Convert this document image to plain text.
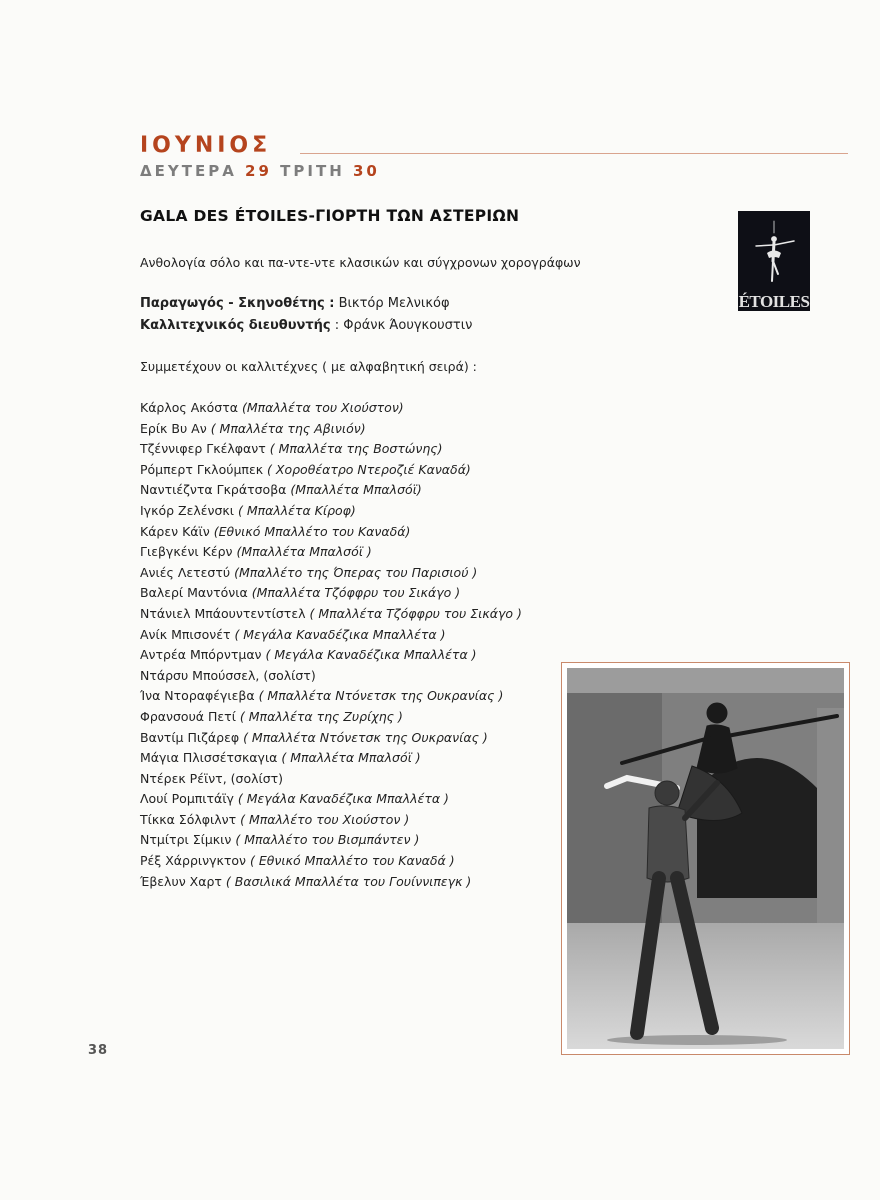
ΙΟΥΝΙΟΣ
ΔΕΥΤΕΡΑ 29 ΤΡΙΤΗ 30
GALA DES ÉTOILES-ΓΙΟΡΤΗ ΤΩΝ ΑΣΤΕΡΙΩΝ
Ανθολογία σόλο και πα-ντε-ντε κλασικών και σύγχρονων χορογράφων
Παραγωγός - Σκηνοθέτης : Βικτόρ Μελνικόφ
Καλλιτεχνικός διευθυντής : Φράνκ Άουγκουστιν
Συμμετέχουν οι καλλιτέχνες ( με αλφαβητική σειρά) :
Κάρλος Ακόστα (Μπαλλέτα του Χιούστον)
Ερίκ Βυ Αν ( Μπαλλέτα της Αβινιόν)
Τζέννιφερ Γκέλφαντ ( Μπαλλέτα της Βοστώνης)
Ρόμπερτ Γκλούμπεκ ( Χοροθέατρο Ντεροζιέ Καναδά)
Ναντιέζντα Γκράτσοβα (Μπαλλέτα Μπαλσόϊ)
Ιγκόρ Ζελένσκι ( Μπαλλέτα Κίροφ)
Κάρεν Κάϊν (Εθνικό Μπαλλέτο του Καναδά)
Γιεβγκένι Κέρν (Μπαλλέτα Μπαλσόϊ )
Ανιές Λετεστύ (Μπαλλέτο της Όπερας του Παρισιού )
Βαλερί Μαντόνια (Μπαλλέτα Τζόφφρυ του Σικάγο )
Ντάνιελ Μπάουντεντίστελ ( Μπαλλέτα Τζόφφρυ του Σικάγο )
Ανίκ Μπισονέτ ( Μεγάλα Καναδέζικα Μπαλλέτα )
Αντρέα Μπόρντμαν ( Μεγάλα Καναδέζικα Μπαλλέτα )
Ντάρσυ Μπούσσελ, (σολίστ)
Ίνα Ντοραφέγιεβα ( Μπαλλέτα Ντόνετσκ της Ουκρανίας )
Φρανσουά Πετί ( Μπαλλέτα της Ζυρίχης )
Βαντίμ Πιζάρεφ ( Μπαλλέτα Ντόνετσκ της Ουκρανίας )
Μάγια Πλισσέτσκαγια ( Μπαλλέτα Μπαλσόϊ )
Ντέρεκ Ρέϊντ, (σολίστ)
Λουί Ρομπιτάϊγ ( Μεγάλα Καναδέζικα Μπαλλέτα )
Τίκκα Σόλφιλντ ( Μπαλλέτο του Χιούστον )
Ντμίτρι Σίμκιν ( Μπαλλέτο του Βισμπάντεν )
Ρέξ Χάρρινγκτον ( Εθνικό Μπαλλέτο του Καναδά )
Έβελυν Χαρτ ( Βασιλικά Μπαλλέτα του Γουίννιπεγκ )
ÉTOILES
38
